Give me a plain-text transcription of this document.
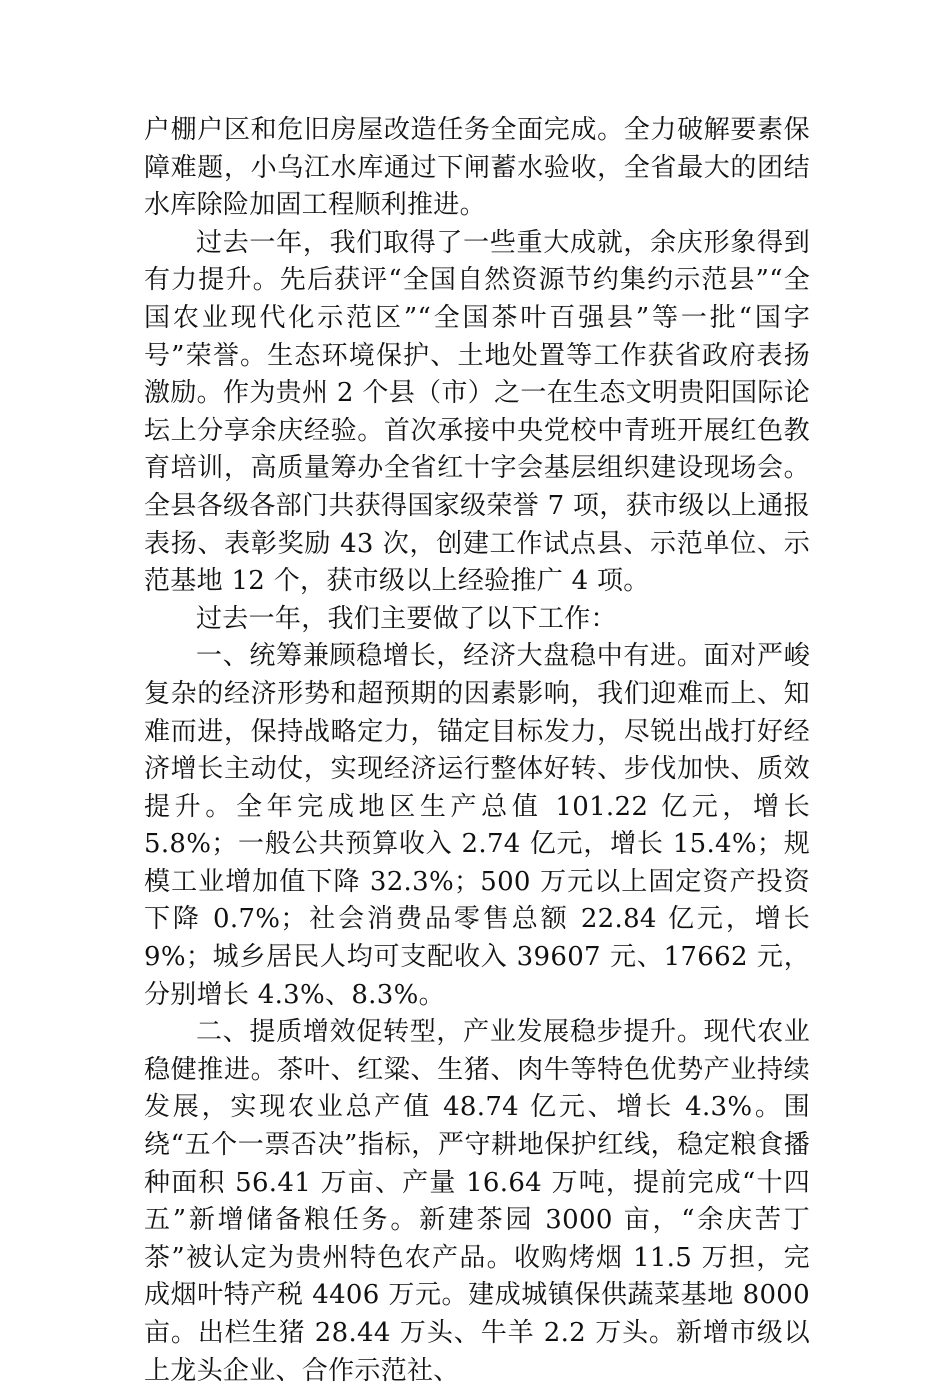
户棚户区和危旧房屋改造任务全面完成。全力破解要素保障难题，小乌江水库通过下闸蓄水验收，全省最大的团结水库除险加固工程顺利推进。

过去一年，我们取得了一些重大成就，余庆形象得到有力提升。先后获评“全国自然资源节约集约示范县”“全国农业现代化示范区”“全国茶叶百强县”等一批“国字号”荣誉。生态环境保护、土地处置等工作获省政府表扬激励。作为贵州 2 个县（市）之一在生态文明贵阳国际论坛上分享余庆经验。首次承接中央党校中青班开展红色教育培训，高质量筹办全省红十字会基层组织建设现场会。全县各级各部门共获得国家级荣誉 7 项，获市级以上通报表扬、表彰奖励 43 次，创建工作试点县、示范单位、示范基地 12 个，获市级以上经验推广 4 项。

过去一年，我们主要做了以下工作：

一、统筹兼顾稳增长，经济大盘稳中有进。面对严峻复杂的经济形势和超预期的因素影响，我们迎难而上、知难而进，保持战略定力，锚定目标发力，尽锐出战打好经济增长主动仗，实现经济运行整体好转、步伐加快、质效提升。全年完成地区生产总值 101.22 亿元，增长 5.8%；一般公共预算收入 2.74 亿元，增长 15.4%；规模工业增加值下降 32.3%；500 万元以上固定资产投资下降 0.7%；社会消费品零售总额 22.84 亿元，增长 9%；城乡居民人均可支配收入 39607 元、17662 元，分别增长 4.3%、8.3%。

二、提质增效促转型，产业发展稳步提升。现代农业稳健推进。茶叶、红粱、生猪、肉牛等特色优势产业持续发展，实现农业总产值 48.74 亿元、增长 4.3%。围绕“五个一票否决”指标，严守耕地保护红线，稳定粮食播种面积 56.41 万亩、产量 16.64 万吨，提前完成“十四五”新增储备粮任务。新建茶园 3000 亩，“余庆苦丁茶”被认定为贵州特色农产品。收购烤烟 11.5 万担，完成烟叶特产税 4406 万元。建成城镇保供蔬菜基地 8000 亩。出栏生猪 28.44 万头、牛羊 2.2 万头。新增市级以上龙头企业、合作示范社、
